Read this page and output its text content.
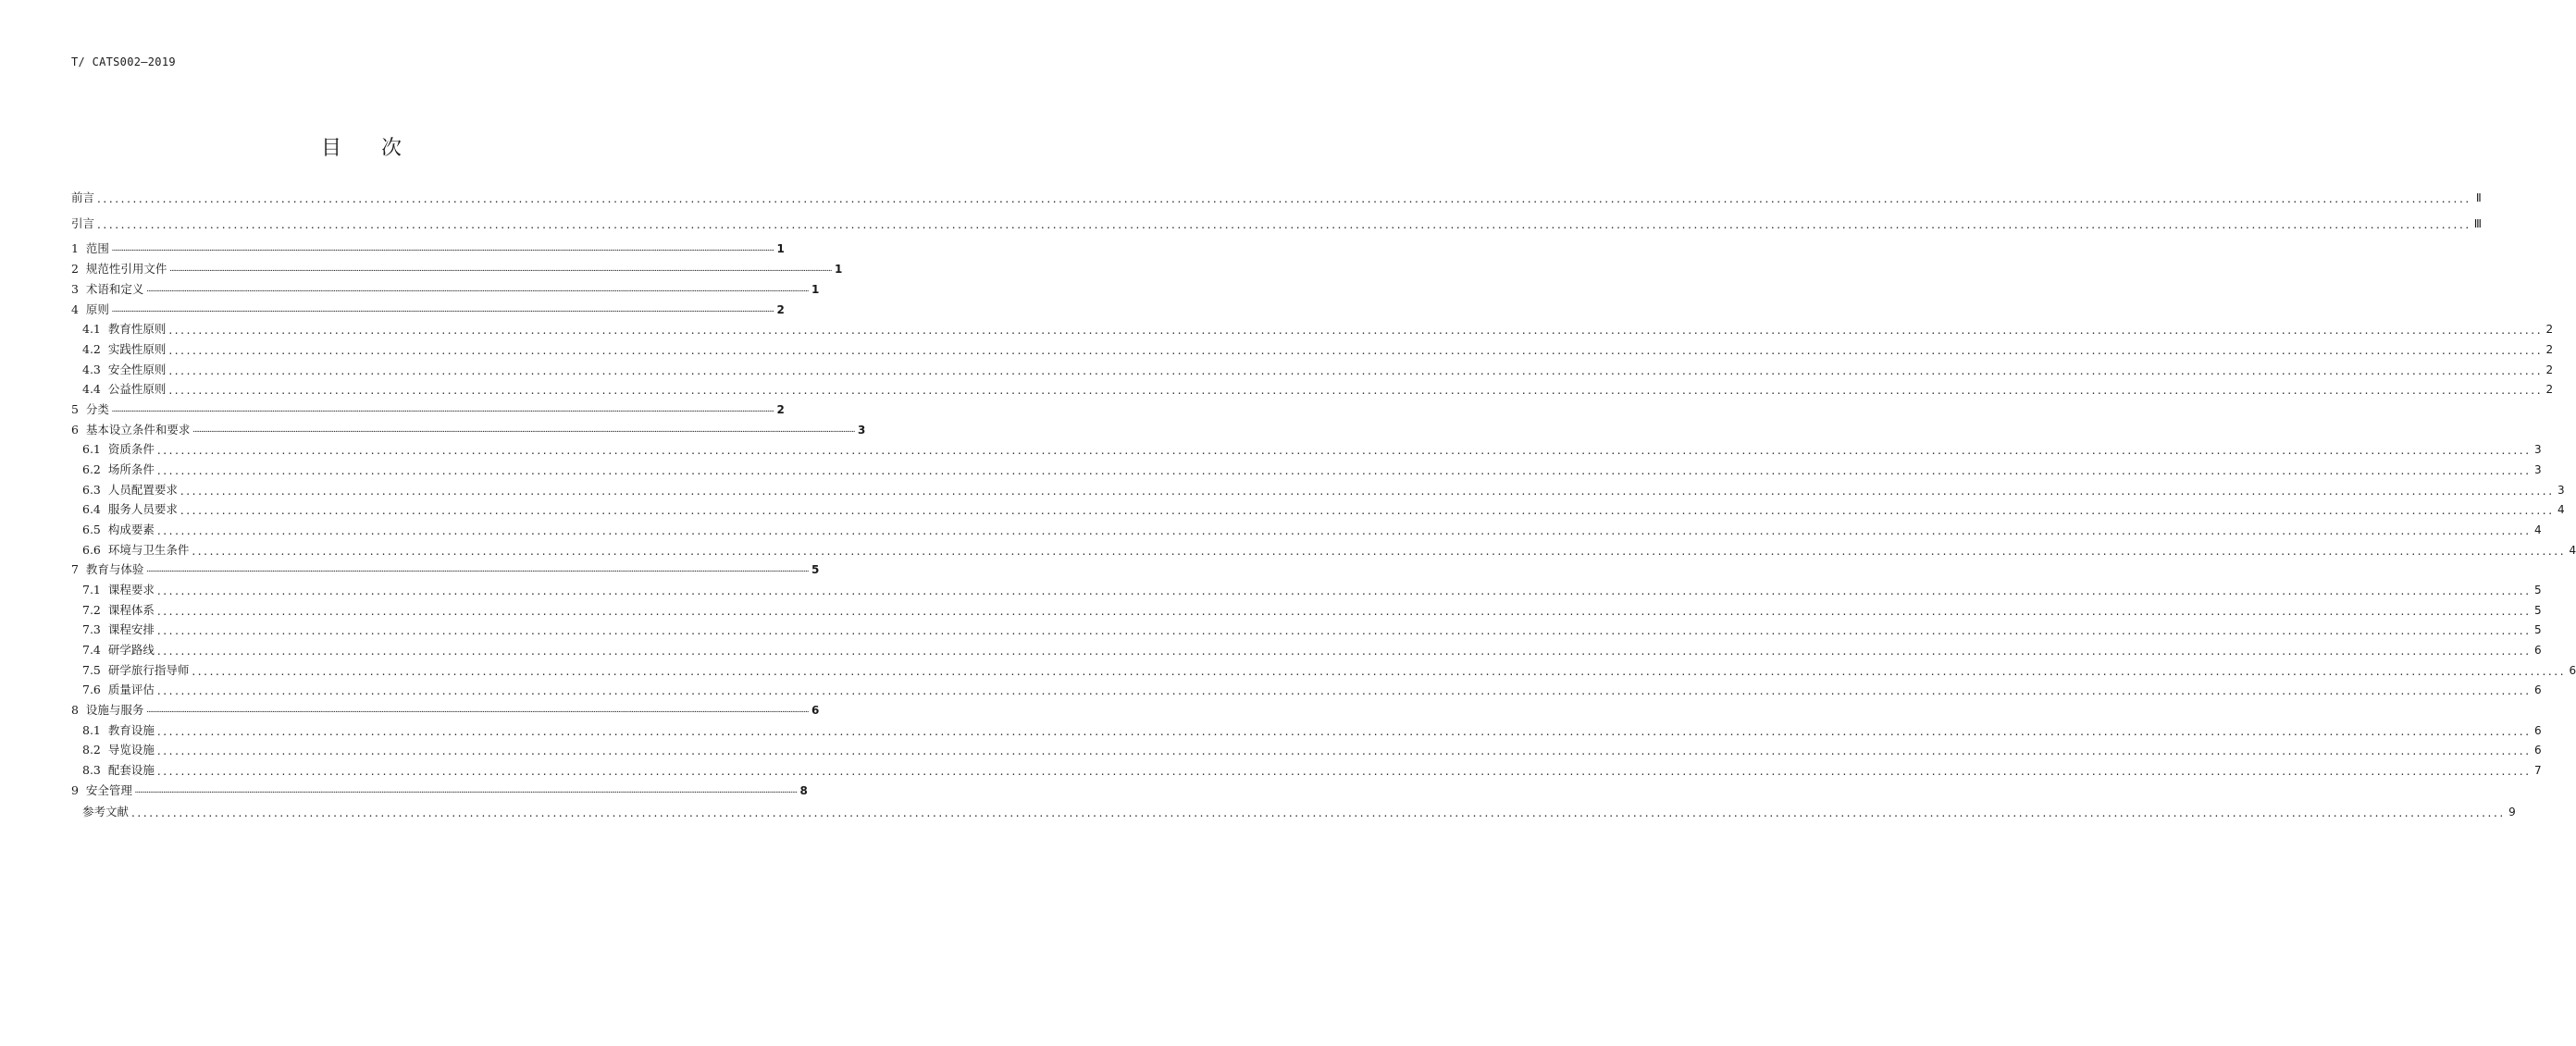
T/ CATS002—2019
目 次
前言 ................................................................................................................................................................................................................................................................................................................................................................................................................ Ⅱ
引言 ................................................................................................................................................................................................................................................................................................................................................................................................................ Ⅲ
1  范围 ................................................................................................................................................................................................................................................................................................................................................................................................................ 1
2  规范性引用文件 ................................................................................................................................................................................................................................................................................................................................................................................................................ 1
3  术语和定义 ................................................................................................................................................................................................................................................................................................................................................................................................................ 1
4  原则 ................................................................................................................................................................................................................................................................................................................................................................................................................ 2
4.1  教育性原则 ................................................................................................................................................................................................................................................................................................................................................................................................................ 2
4.2  实践性原则 ................................................................................................................................................................................................................................................................................................................................................................................................................ 2
4.3  安全性原则 ................................................................................................................................................................................................................................................................................................................................................................................................................ 2
4.4  公益性原则 ................................................................................................................................................................................................................................................................................................................................................................................................................ 2
5  分类 ................................................................................................................................................................................................................................................................................................................................................................................................................ 2
6  基本设立条件和要求 ................................................................................................................................................................................................................................................................................................................................................................................................................ 3
6.1  资质条件 ................................................................................................................................................................................................................................................................................................................................................................................................................ 3
6.2  场所条件 ................................................................................................................................................................................................................................................................................................................................................................................................................ 3
6.3  人员配置要求 ................................................................................................................................................................................................................................................................................................................................................................................................................ 3
6.4  服务人员要求 ................................................................................................................................................................................................................................................................................................................................................................................................................ 4
6.5  构成要素 ................................................................................................................................................................................................................................................................................................................................................................................................................ 4
6.6  环境与卫生条件 ................................................................................................................................................................................................................................................................................................................................................................................................................ 4
7  教育与体验 ................................................................................................................................................................................................................................................................................................................................................................................................................ 5
7.1  课程要求 ................................................................................................................................................................................................................................................................................................................................................................................................................ 5
7.2  课程体系 ................................................................................................................................................................................................................................................................................................................................................................................................................ 5
7.3  课程安排 ................................................................................................................................................................................................................................................................................................................................................................................................................ 5
7.4  研学路线 ................................................................................................................................................................................................................................................................................................................................................................................................................ 6
7.5  研学旅行指导师 ................................................................................................................................................................................................................................................................................................................................................................................................................ 6
7.6  质量评估 ................................................................................................................................................................................................................................................................................................................................................................................................................ 6
8  设施与服务 ................................................................................................................................................................................................................................................................................................................................................................................................................ 6
8.1  教育设施 ................................................................................................................................................................................................................................................................................................................................................................................................................ 6
8.2  导览设施 ................................................................................................................................................................................................................................................................................................................................................................................................................ 6
8.3  配套设施 ................................................................................................................................................................................................................................................................................................................................................................................................................ 7
9  安全管理 ................................................................................................................................................................................................................................................................................................................................................................................................................ 8
参考文献 ................................................................................................................................................................................................................................................................................................................................................................................................................ 9
